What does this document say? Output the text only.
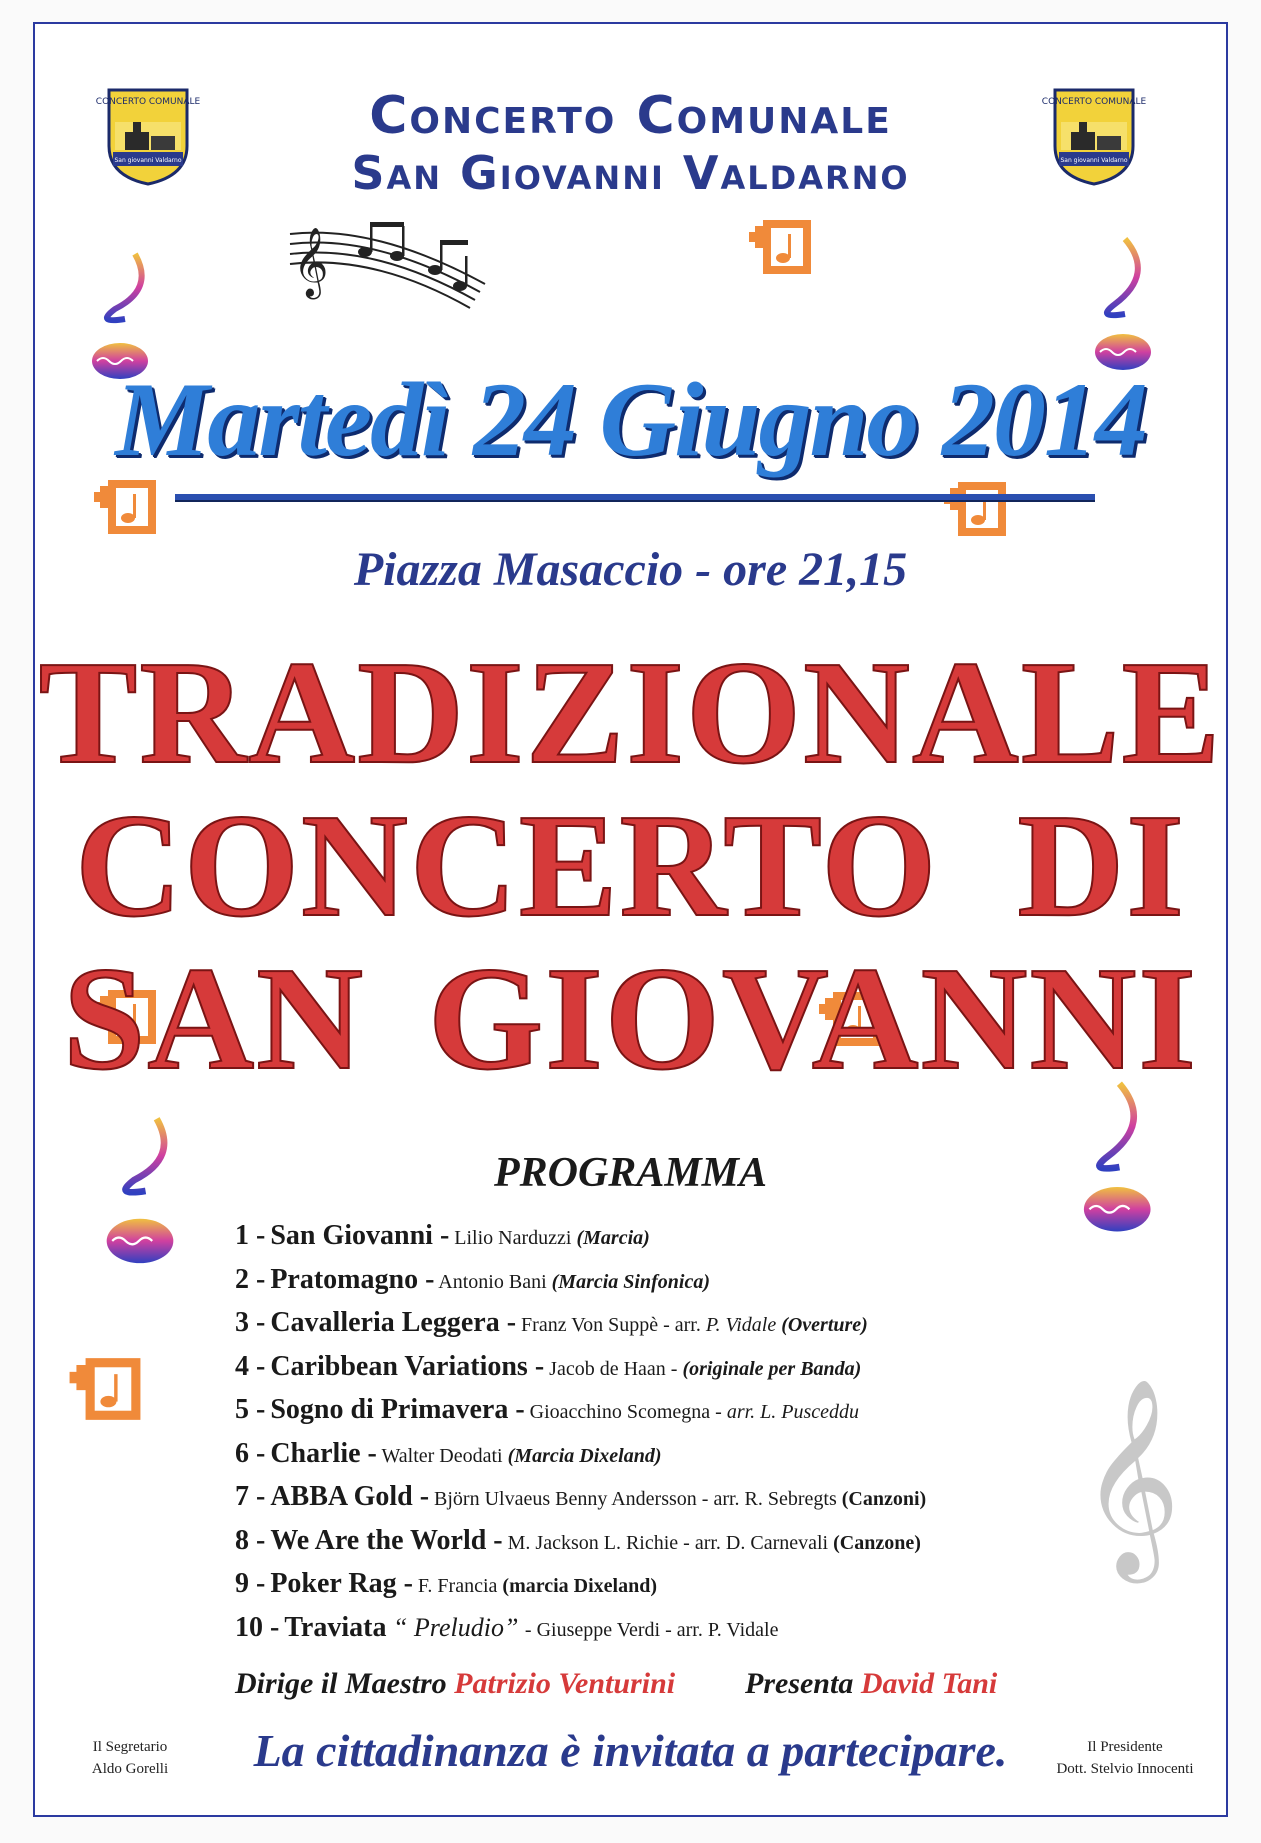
CONCERTO COMUNALE
San giovanni Valdarno
CONCERTO COMUNALE
San giovanni Valdarno
Concerto Comunale
San Giovanni Valdarno
𝄞
𝄞
Martedì 24 Giugno 2014
Piazza Masaccio - ore 21,15
TRADIZIONALE
CONCERTO DI
SAN GIOVANNI
PROGRAMMA
1 - San Giovanni - Lilio Narduzzi (Marcia)
2 - Pratomagno - Antonio Bani (Marcia Sinfonica)
3 - Cavalleria Leggera - Franz Von Suppè - arr. P. Vidale (Overture)
4 - Caribbean Variations - Jacob de Haan - (originale per Banda)
5 - Sogno di Primavera - Gioacchino Scomegna - arr. L. Pusceddu
6 - Charlie - Walter Deodati (Marcia Dixeland)
7 - ABBA Gold - Björn Ulvaeus Benny Andersson - arr. R. Sebregts (Canzoni)
8 - We Are the World - M. Jackson L. Richie - arr. D. Carnevali (Canzone)
9 - Poker Rag - F. Francia (marcia Dixeland)
10 - Traviata “ Preludio” - Giuseppe Verdi - arr. P. Vidale
Dirige il Maestro Patrizio Venturini Presenta David Tani
La cittadinanza è invitata a partecipare.
Il Segretario
Aldo Gorelli
Il Presidente
Dott. Stelvio Innocenti
